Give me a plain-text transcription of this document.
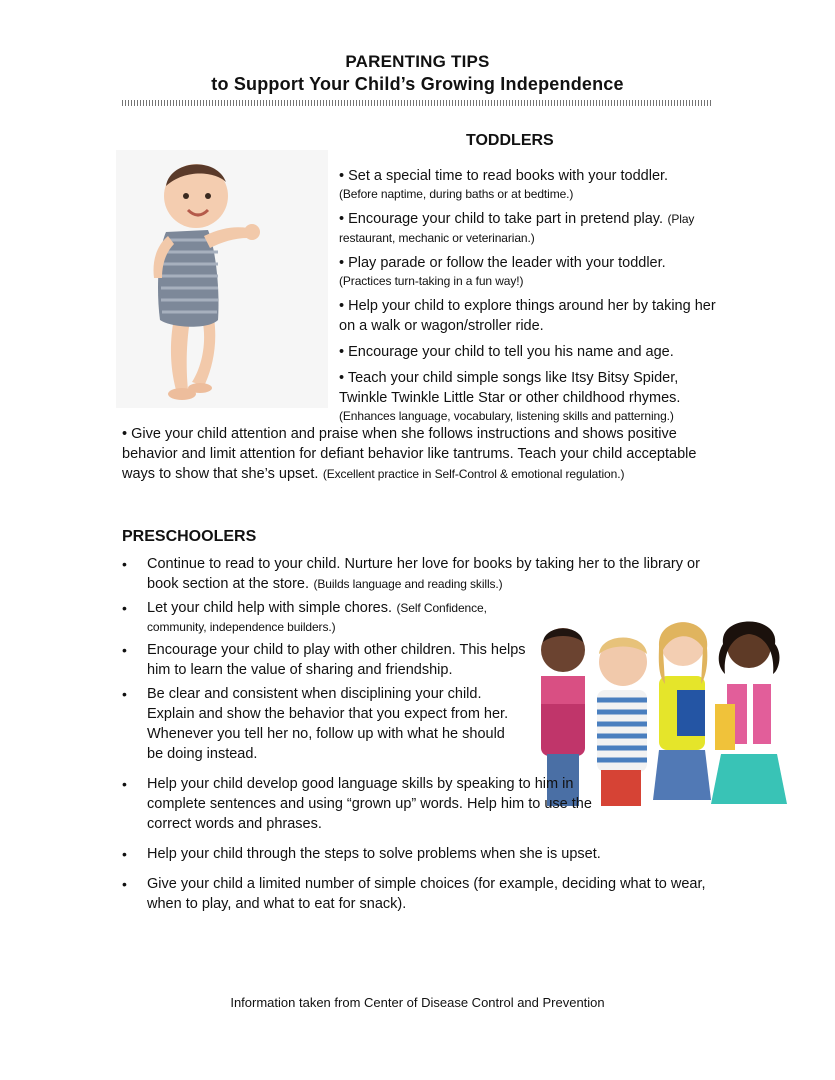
PARENTING TIPS
to Support Your Child’s Growing Independence
TODDLERS
• Set a special time to read books with your toddler.
(Before naptime, during baths or at bedtime.)
• Encourage your child to take part in pretend play. (Play restaurant, mechanic or veterinarian.)
• Play parade or follow the leader with your toddler.
(Practices turn-taking in a fun way!)
• Help your child to explore things around her by taking her on a walk or wagon/stroller ride.
• Encourage your child to tell you his name and age.
• Teach your child simple songs like Itsy Bitsy Spider, Twinkle Twinkle Little Star or other childhood rhymes.
(Enhances language, vocabulary, listening skills and patterning.)

• Give your child attention and praise when she follows instructions and shows positive behavior and limit attention for defiant behavior like tantrums. Teach your child acceptable ways to show that she’s upset. (Excellent practice in Self-Control & emotional regulation.)

PRESCHOOLERS
• Continue to read to your child. Nurture her love for books by taking her to the library or book section at the store. (Builds language and reading skills.)
• Let your child help with simple chores. (Self Confidence, community, independence builders.)
• Encourage your child to play with other children. This helps him to learn the value of sharing and friendship.
• Be clear and consistent when disciplining your child. Explain and show the behavior that you expect from her. Whenever you tell her no, follow up with what he should be doing instead.
• Help your child develop good language skills by speaking to him in complete sentences and using “grown up” words. Help him to use the correct words and phrases.
• Help your child through the steps to solve problems when she is upset.
• Give your child a limited number of simple choices (for example, deciding what to wear, when to play, and what to eat for snack).
Information taken from Center of Disease Control and Prevention
